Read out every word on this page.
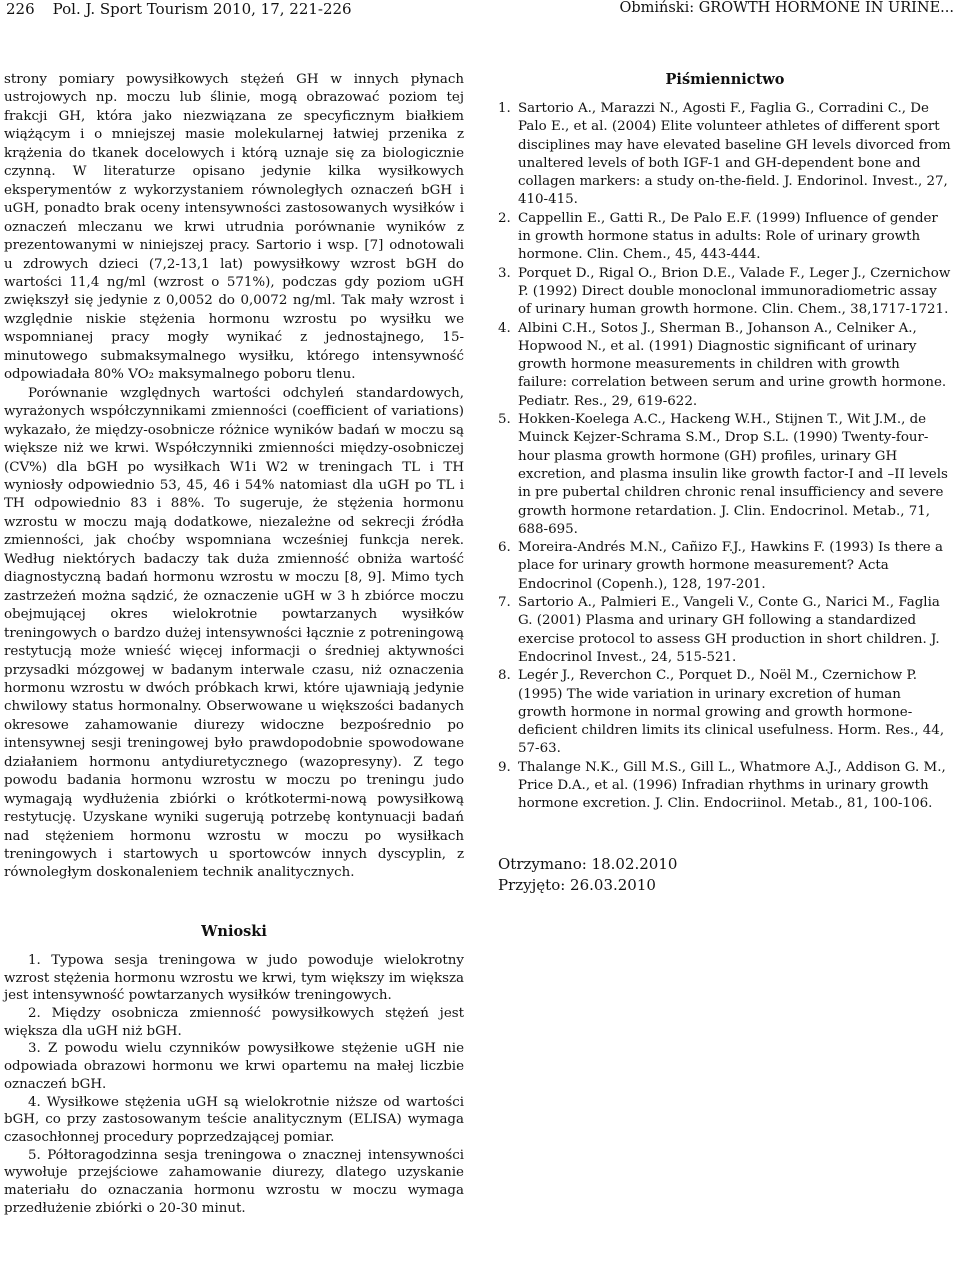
226 Pol. J. Sport Tourism 2010, 17, 221-226	Obmiński: GROWTH HORMONE IN URINE...

strony pomiary powysiłkowych stężeń GH w innych płynach ustrojowych np. moczu lub ślinie, mogą obrazować poziom tej frakcji GH, która jako niezwiązana ze specyficznym białkiem wiążącym i o mniejszej masie molekularnej łatwiej przenika z krążenia do tkanek docelowych i którą uznaje się za biologicznie czynną. W literaturze opisano jedynie kilka wysiłkowych eksperymentów z wykorzystaniem równoległych oznaczeń bGH i uGH, ponadto brak oceny intensywności zastosowanych wysiłków i oznaczeń mleczanu we krwi utrudnia porównanie wyników z prezentowanymi w niniejszej pracy. Sartorio i wsp. [7] odnotowali u zdrowych dzieci (7,2-13,1 lat) powysiłkowy wzrost bGH do wartości 11,4 ng/ml (wzrost o 571%), podczas gdy poziom uGH zwiększył się jedynie z 0,0052 do 0,0072 ng/ml. Tak mały wzrost i względnie niskie stężenia hormonu wzrostu po wysiłku we wspomnianej pracy mogły wynikać z jednostajnego, 15-minutowego submaksymalnego wysiłku, którego intensywność odpowiadała 80% VO₂ maksymalnego poboru tlenu.

Porównanie względnych wartości odchyleń standardowych, wyrażonych współczynnikami zmienności (coefficient of variations) wykazało, że między-osobnicze różnice wyników badań w moczu są większe niż we krwi. Współczynniki zmienności między-osobniczej (CV%) dla bGH po wysiłkach W1i W2 w treningach TL i TH wyniosły odpowiednio 53, 45, 46 i 54% natomiast dla uGH po TL i TH odpowiednio 83 i 88%. To sugeruje, że stężenia hormonu wzrostu w moczu mają dodatkowe, niezależne od sekrecji źródła zmienności, jak choćby wspomniana wcześniej funkcja nerek. Według niektórych badaczy tak duża zmienność obniża wartość diagnostyczną badań hormonu wzrostu w moczu [8, 9]. Mimo tych zastrzeżeń można sądzić, że oznaczenie uGH w 3 h zbiórce moczu obejmującej okres wielokrotnie powtarzanych wysiłków treningowych o bardzo dużej intensywności łącznie z potreningową restytucją może wnieść więcej informacji o średniej aktywności przysadki mózgowej w badanym interwale czasu, niż oznaczenia hormonu wzrostu w dwóch próbkach krwi, które ujawniają jedynie chwilowy status hormonalny. Obserwowane u większości badanych okresowe zahamowanie diurezy widoczne bezpośrednio po intensywnej sesji treningowej było prawdopodobnie spowodowane działaniem hormonu antydiuretycznego (wazopresyny). Z tego powodu badania hormonu wzrostu w moczu po treningu judo wymagają wydłużenia zbiórki o krótkotermi-nową powysiłkową restytucję. Uzyskane wyniki sugerują potrzebę kontynuacji badań nad stężeniem hormonu wzrostu w moczu po wysiłkach treningowych i startowych u sportowców innych dyscyplin, z równoległym doskonaleniem technik analitycznych.

Wnioski

1. Typowa sesja treningowa w judo powoduje wielokrotny wzrost stężenia hormonu wzrostu we krwi, tym większy im większa jest intensywność powtarzanych wysiłków treningowych.

2. Między osobnicza zmienność powysiłkowych stężeń jest większa dla uGH niż bGH.

3. Z powodu wielu czynników powysiłkowe stężenie uGH nie odpowiada obrazowi hormonu we krwi opartemu na małej liczbie oznaczeń bGH.

4. Wysiłkowe stężenia uGH są wielokrotnie niższe od wartości bGH, co przy zastosowanym teście analitycznym (ELISA) wymaga czasochłonnej procedury poprzedzającej pomiar.

5. Półtoragodzinna sesja treningowa o znacznej intensywności wywołuje przejściowe zahamowanie diurezy, dlatego uzyskanie materiału do oznaczania hormonu wzrostu w moczu wymaga przedłużenie zbiórki o 20-30 minut.

Piśmiennictwo
1. Sartorio A., Marazzi N., Agosti F., Faglia G., Corradini C., De Palo E., et al. (2004) Elite volunteer athletes of different sport disciplines may have elevated baseline GH levels divorced from unaltered levels of both IGF-1 and GH-dependent bone and collagen markers: a study on-the-field. J. Endorinol. Invest., 27, 410-415.
2. Cappellin E., Gatti R., De Palo E.F. (1999) Influence of gender in growth hormone status in adults: Role of urinary growth hormone. Clin. Chem., 45, 443-444.
3. Porquet D., Rigal O., Brion D.E., Valade F., Leger J., Czernichow P. (1992) Direct double monoclonal immunoradiometric assay of urinary human growth hormone. Clin. Chem., 38,1717-1721.
4. Albini C.H., Sotos J., Sherman B., Johanson A., Celniker A., Hopwood N., et al. (1991) Diagnostic significant of urinary growth hormone measurements in children with growth failure: correlation between serum and urine growth hormone. Pediatr. Res., 29, 619-622.
5. Hokken-Koelega A.C., Hackeng W.H., Stijnen T., Wit J.M., de Muinck Kejzer-Schrama S.M., Drop S.L. (1990) Twenty-four-hour plasma growth hormone (GH) profiles, urinary GH excretion, and plasma insulin like growth factor-I and –II levels in pre pubertal children chronic renal insufficiency and severe growth hormone retardation. J. Clin. Endocrinol. Metab., 71, 688-695.
6. Moreira-Andrés M.N., Cañizo F.J., Hawkins F. (1993) Is there a place for urinary growth hormone measurement? Acta Endocrinol (Copenh.), 128, 197-201.
7. Sartorio A., Palmieri E., Vangeli V., Conte G., Narici M., Faglia G. (2001) Plasma and urinary GH following a standardized exercise protocol to assess GH production in short children. J. Endocrinol Invest., 24, 515-521.
8. Legér J., Reverchon C., Porquet D., Noël M., Czernichow P. (1995) The wide variation in urinary excretion of human growth hormone in normal growing and growth hormone-deficient children limits its clinical usefulness. Horm. Res., 44, 57-63.
9. Thalange N.K., Gill M.S., Gill L., Whatmore A.J., Addison G. M., Price D.A., et al. (1996) Infradian rhythms in urinary growth hormone excretion. J. Clin. Endocriinol. Metab., 81, 100-106.
Otrzymano: 18.02.2010
Przyjęto: 26.03.2010
